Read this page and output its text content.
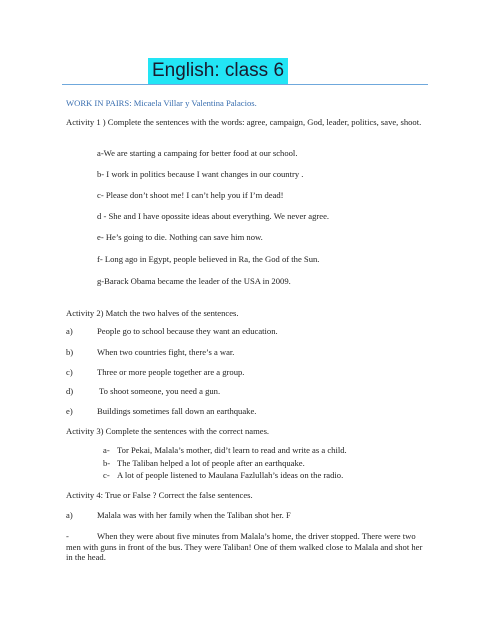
English: class 6
WORK IN PAIRS: Micaela Villar y Valentina Palacios.
Activity 1 ) Complete the sentences with the words: agree, campaign, God, leader, politics, save, shoot.
a-We are starting a campaing for better food at our school.
b- I work in politics because I want changes in our country .
c- Please don’t shoot me! I can’t help you if I’m dead!
d - She and I have opossite ideas about everything. We never agree.
e- He’s going to die. Nothing can save him now.
f- Long ago in Egypt, people believed in Ra, the God of the Sun.
g-Barack Obama became the leader of the USA in 2009.
Activity 2) Match the two halves of the sentences.
a)	People go to school because they want an education.
b)	When two countries fight, there’s a war.
c)	Three or more people together are a group.
d)	To shoot someone, you need a gun.
e)	Buildings sometimes fall down an earthquake.
Activity 3) Complete the sentences with the correct names.
a- Tor Pekai, Malala’s mother, did’t learn to read and write as a child.
b- The Taliban helped a lot of people after an earthquake.
c- A lot of people listened to Maulana Fazlullah’s ideas on the radio.
Activity 4: True or False ? Correct the false sentences.
a)	Malala was with her family when the Taliban shot her. F
-	When they were about five minutes from Malala’s home, the driver stopped. There were two men with guns in front of the bus. They were Taliban! One of them walked close to Malala and shot her in the head.
